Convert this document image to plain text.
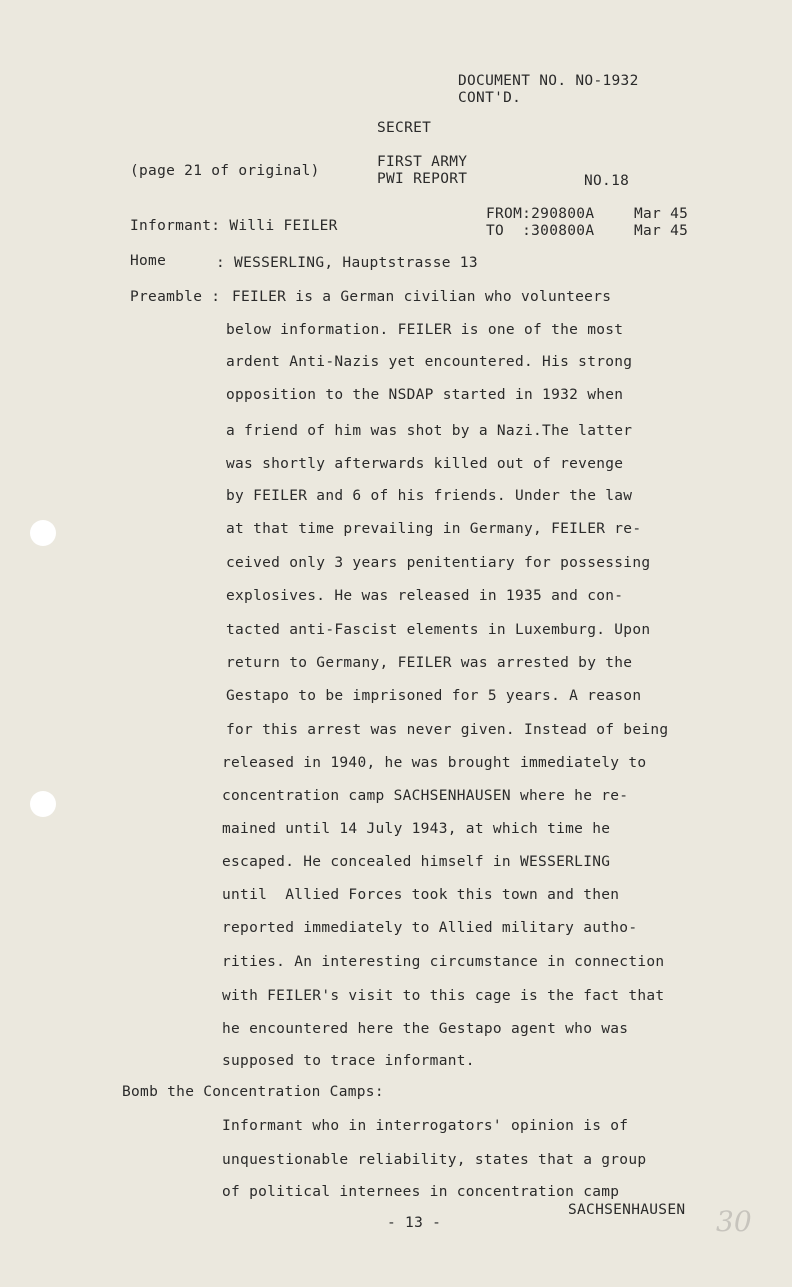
DOCUMENT NO. NO-1932
CONT'D.
SECRET
(page 21 of original)
FIRST ARMY
PWI REPORT	NO.18
Informant: Willi FEILER
FROM:290800A	Mar 45
TO  :300800A	Mar 45
Home	: WESSERLING, Hauptstrasse 13
Preamble : FEILER is a German civilian who volunteers
below information. FEILER is one of the most
ardent Anti-Nazis yet encountered. His strong
opposition to the NSDAP started in 1932 when
a friend of him was shot by a Nazi.The latter
was shortly afterwards killed out of revenge
by FEILER and 6 of his friends. Under the law
at that time prevailing in Germany, FEILER re-
ceived only 3 years penitentiary for possessing
explosives. He was released in 1935 and con-
tacted anti-Fascist elements in Luxemburg. Upon
return to Germany, FEILER was arrested by the
Gestapo to be imprisoned for 5 years. A reason
for this arrest was never given. Instead of being
released in 1940, he was brought immediately to
concentration camp SACHSENHAUSEN where he re-
mained until 14 July 1943, at which time he
escaped. He concealed himself in WESSERLING
until  Allied Forces took this town and then
reported immediately to Allied military autho-
rities. An interesting circumstance in connection
with FEILER's visit to this cage is the fact that
he encountered here the Gestapo agent who was
supposed to trace informant.
Bomb the Concentration Camps:
Informant who in interrogators' opinion is of
unquestionable reliability, states that a group
of political internees in concentration camp
SACHSENHAUSEN
- 13 -	30
